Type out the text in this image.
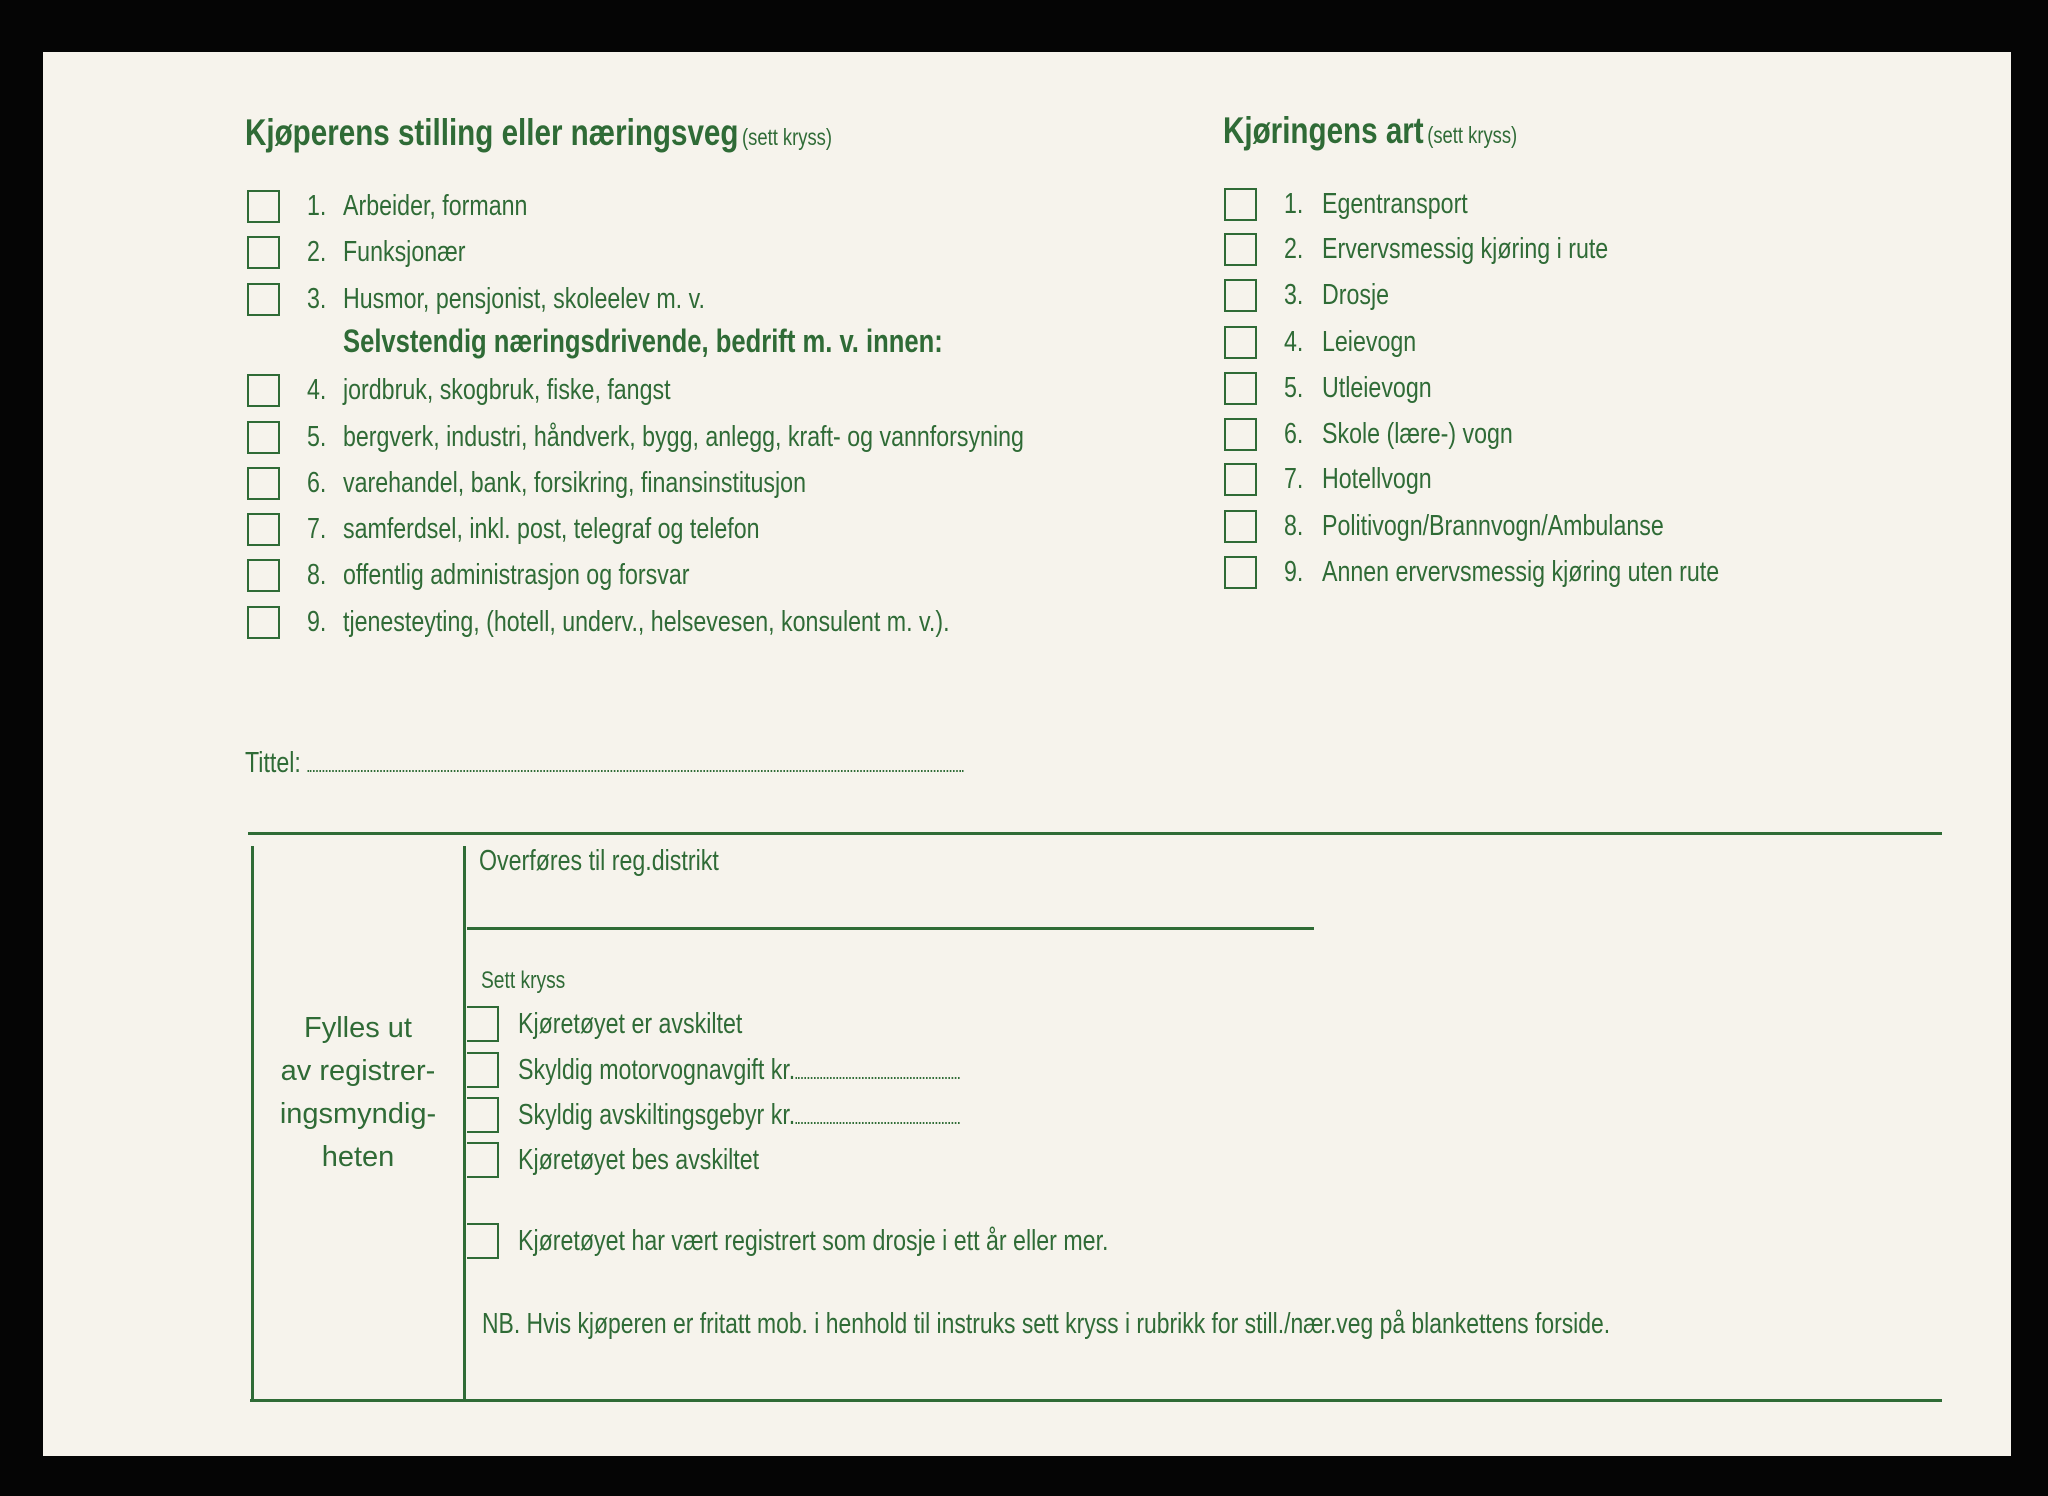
Kjøperens stilling eller næringsveg (sett kryss)
1. Arbeider, formann
2. Funksjonær
3. Husmor, pensjonist, skoleelev m. v.
4. jordbruk, skogbruk, fiske, fangst
5. bergverk, industri, håndverk, bygg, anlegg, kraft- og vannforsyning
6. varehandel, bank, forsikring, finansinstitusjon
7. samferdsel, inkl. post, telegraf og telefon
8. offentlig administrasjon og forsvar
9. tjenesteyting, (hotell, underv., helsevesen, konsulent m. v.).
Selvstendig næringsdrivende, bedrift m. v. innen:
Kjøringens art (sett kryss)
1. Egentransport
2. Ervervsmessig kjøring i rute
3. Drosje
4. Leievogn
5. Utleievogn
6. Skole (lære-) vogn
7. Hotellvogn
8. Politivogn/Brannvogn/Ambulanse
9. Annen ervervsmessig kjøring uten rute
Tittel:
Fylles ut
av registrer-
ingsmyndig-
heten
Overføres til reg.distrikt
Sett kryss
Kjøretøyet er avskiltet
Skyldig motorvognavgift kr.
Skyldig avskiltingsgebyr kr.
Kjøretøyet bes avskiltet
Kjøretøyet har vært registrert som drosje i ett år eller mer.
NB. Hvis kjøperen er fritatt mob. i henhold til instruks sett kryss i rubrikk for still./nær.veg på blankettens forside.
